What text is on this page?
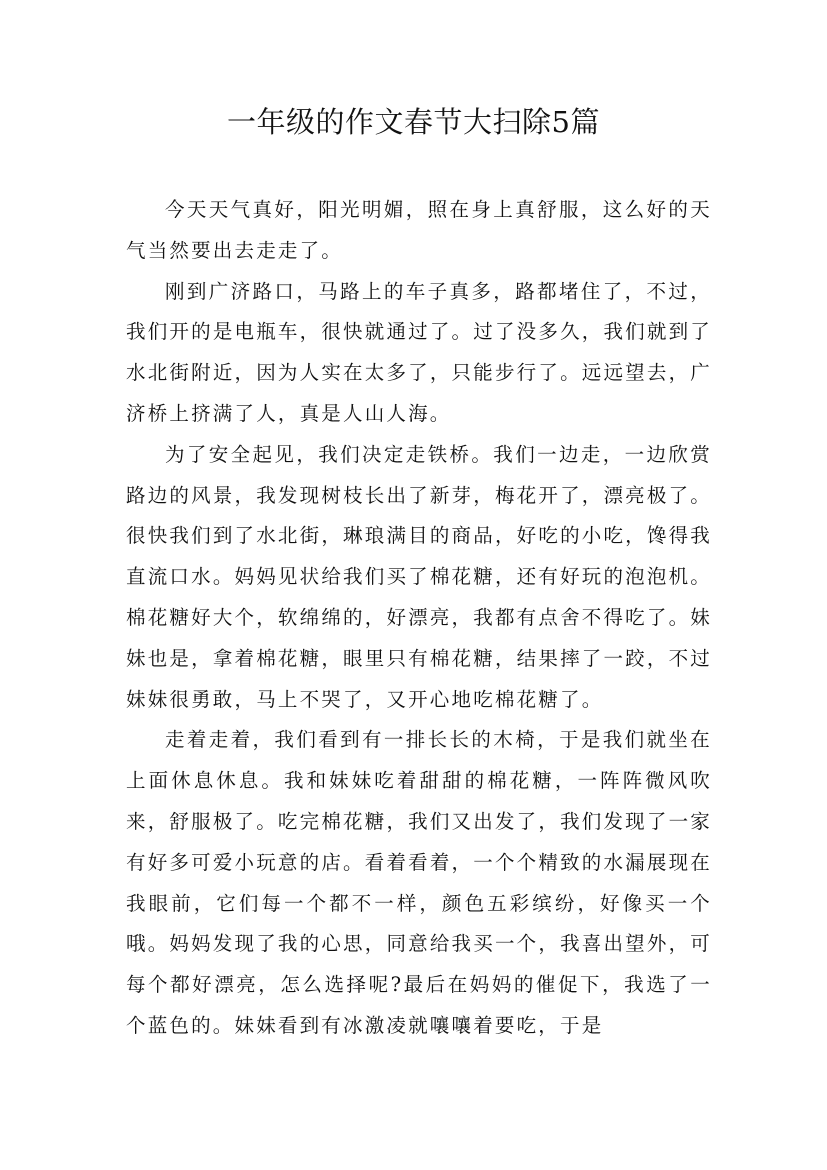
一年级的作文春节大扫除5篇

今天天气真好，阳光明媚，照在身上真舒服，这么好的天气当然要出去走走了。

刚到广济路口，马路上的车子真多，路都堵住了，不过，我们开的是电瓶车，很快就通过了。过了没多久，我们就到了水北街附近，因为人实在太多了，只能步行了。远远望去，广济桥上挤满了人，真是人山人海。

为了安全起见，我们决定走铁桥。我们一边走，一边欣赏路边的风景，我发现树枝长出了新芽，梅花开了，漂亮极了。很快我们到了水北街，琳琅满目的商品，好吃的小吃，馋得我直流口水。妈妈见状给我们买了棉花糖，还有好玩的泡泡机。棉花糖好大个，软绵绵的，好漂亮，我都有点舍不得吃了。妹妹也是，拿着棉花糖，眼里只有棉花糖，结果摔了一跤，不过妹妹很勇敢，马上不哭了，又开心地吃棉花糖了。

走着走着，我们看到有一排长长的木椅，于是我们就坐在上面休息休息。我和妹妹吃着甜甜的棉花糖，一阵阵微风吹来，舒服极了。吃完棉花糖，我们又出发了，我们发现了一家有好多可爱小玩意的店。看着看着，一个个精致的水漏展现在我眼前，它们每一个都不一样，颜色五彩缤纷，好像买一个哦。妈妈发现了我的心思，同意给我买一个，我喜出望外，可每个都好漂亮，怎么选择呢?最后在妈妈的催促下，我选了一个蓝色的。妹妹看到有冰激凌就嚷嚷着要吃，于是
